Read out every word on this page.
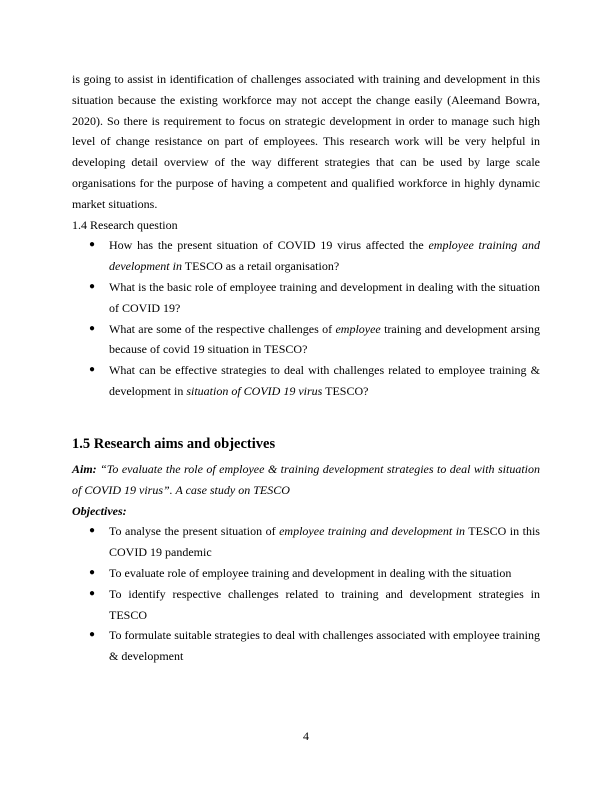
is going to assist in identification of challenges associated with training and development in this situation because the existing workforce may not accept the change easily (Aleemand Bowra, 2020). So there is requirement to focus on strategic development in order to manage such high level of change resistance on part of employees. This research work will be very helpful in developing detail overview of the way different strategies that can be used by large scale organisations for the purpose of having a competent and qualified workforce in highly dynamic market situations.
1.4 Research question
● How has the present situation of COVID 19 virus affected the employee training and development in TESCO as a retail organisation?
● What is the basic role of employee training and development in dealing with the situation of COVID 19?
● What are some of the respective challenges of employee training and development arsing because of covid 19 situation in TESCO?
● What can be effective strategies to deal with challenges related to employee training & development in situation of COVID 19 virus TESCO?
1.5 Research aims and objectives
Aim: “To evaluate the role of employee & training development strategies to deal with situation of COVID 19 virus”. A case study on TESCO
Objectives:
● To analyse the present situation of employee training and development in TESCO in this COVID 19 pandemic
● To evaluate role of employee training and development in dealing with the situation
● To identify respective challenges related to training and development strategies in TESCO
● To formulate suitable strategies to deal with challenges associated with employee training & development
4
